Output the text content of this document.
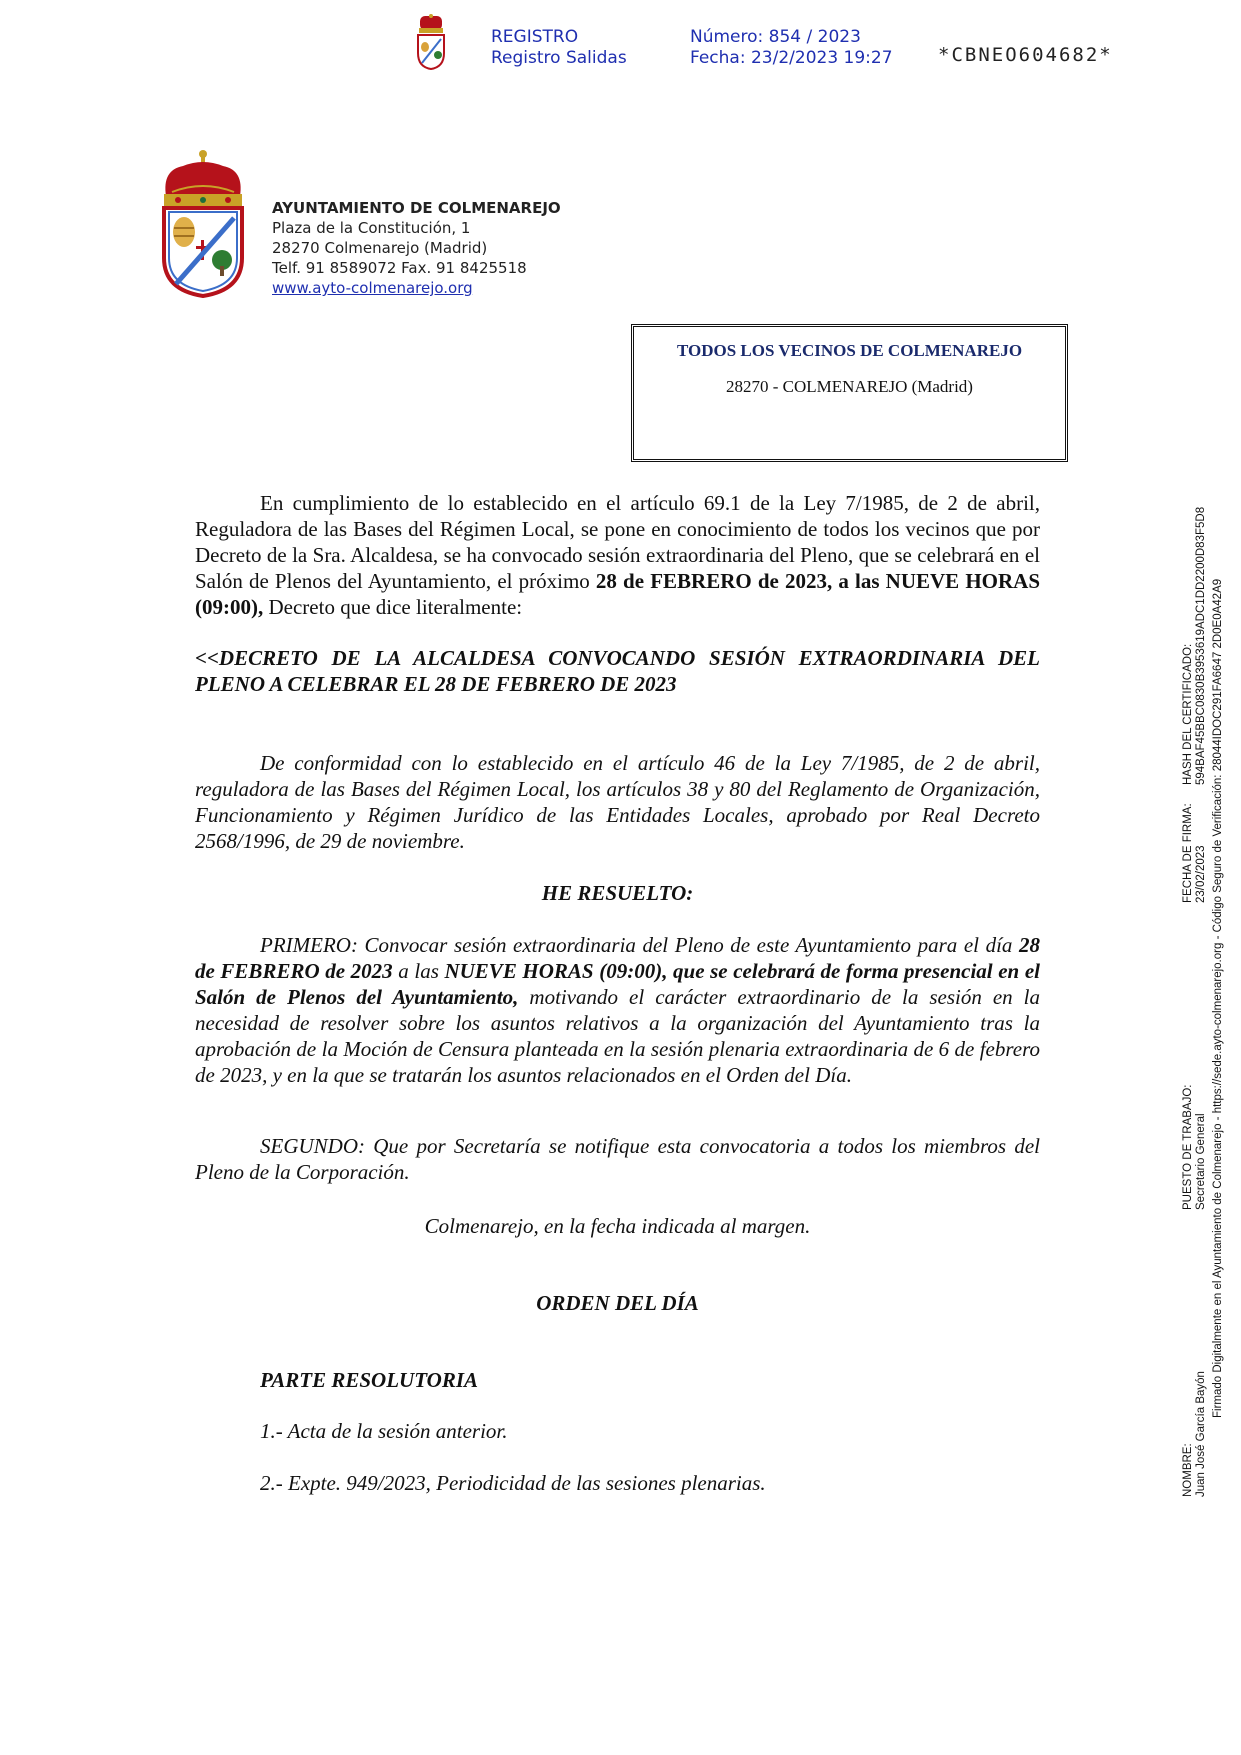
REGISTRO
Registro Salidas
Número: 854 / 2023
Fecha: 23/2/2023 19:27 *CBNEO604682*
AYUNTAMIENTO DE COLMENAREJO
Plaza de la Constitución, 1
28270 Colmenarejo (Madrid)
Telf. 91 8589072 Fax. 91 8425518
www.ayto-colmenarejo.org
TODOS LOS VECINOS DE COLMENAREJO
28270 - COLMENAREJO (Madrid)

En cumplimiento de lo establecido en el artículo 69.1 de la Ley 7/1985, de 2 de abril, Reguladora de las Bases del Régimen Local, se pone en conocimiento de todos los vecinos que por Decreto de la Sra. Alcaldesa, se ha convocado sesión extraordinaria del Pleno, que se celebrará en el Salón de Plenos del Ayuntamiento, el próximo 28 de FEBRERO de 2023, a las NUEVE HORAS (09:00), Decreto que dice literalmente:

<<DECRETO DE LA ALCALDESA CONVOCANDO SESIÓN EXTRAORDINARIA DEL PLENO A CELEBRAR EL 28 DE FEBRERO DE 2023
De conformidad con lo establecido en el artículo 46 de la Ley 7/1985, de 2 de abril, reguladora de las Bases del Régimen Local, los artículos 38 y 80 del Reglamento de Organización, Funcionamiento y Régimen Jurídico de las Entidades Locales, aprobado por Real Decreto 2568/1996, de 29 de noviembre.
HE RESUELTO:

PRIMERO: Convocar sesión extraordinaria del Pleno de este Ayuntamiento para el día 28 de FEBRERO de 2023 a las NUEVE HORAS (09:00), que se celebrará de forma presencial en el Salón de Plenos del Ayuntamiento, motivando el carácter extraordinario de la sesión en la necesidad de resolver sobre los asuntos relativos a la organización del Ayuntamiento tras la aprobación de la Moción de Censura planteada en la sesión plenaria extraordinaria de 6 de febrero de 2023, y en la que se tratarán los asuntos relacionados en el Orden del Día.

SEGUNDO: Que por Secretaría se notifique esta convocatoria a todos los miembros del Pleno de la Corporación.
Colmenarejo, en la fecha indicada al margen.
ORDEN DEL DÍA
PARTE RESOLUTORIA
1.- Acta de la sesión anterior.
2.- Expte. 949/2023, Periodicidad de las sesiones plenarias.	NOMBRE: Juan José García Bayón
PUESTO DE TRABAJO: Secretario General
FECHA DE FIRMA: 23/02/2023
HASH DEL CERTIFICADO: 594BAF45BBC0830B3953619ADC1DD2200D83F5D8 Firmado Digitalmente en el Ayuntamiento de Colmenarejo - https://sede.ayto-colmenarejo.org - Código Seguro de Verificación: 28044IDOC291FA6647 2D0E0A42A9
